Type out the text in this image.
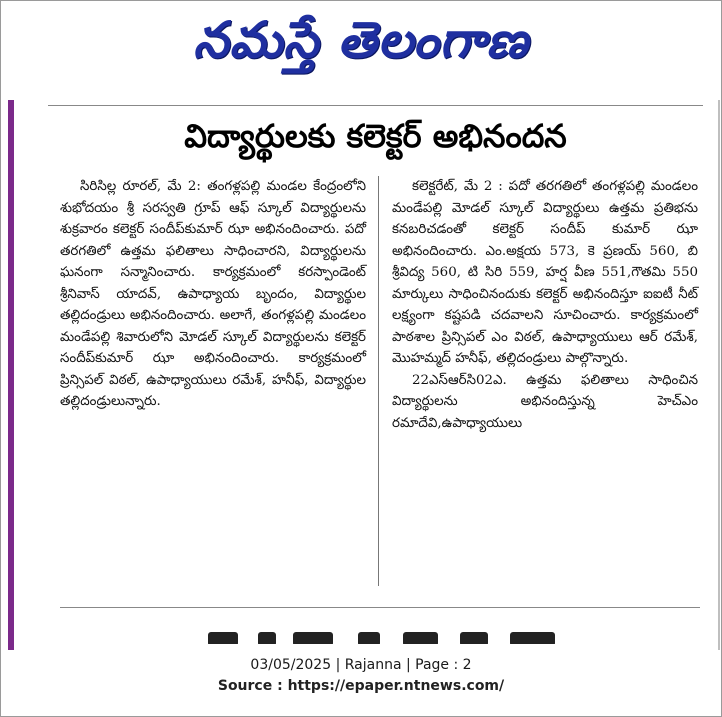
నమస్తే తెలంగాణ
విద్యార్థులకు కలెక్టర్‌ అభినందన

సిరిసిల్ల రూరల్‌, మే 2: తంగళ్లపల్లి మండల కేంద్రంలోని శుభోదయం శ్రీ సరస్వతి గ్రూప్‌ ఆఫ్‌ స్కూల్‌ విద్యార్థులను శుక్రవారం కలెక్టర్‌ సందీప్‌కుమార్‌ ఝా అభినందించారు. పదో తరగతిలో ఉత్తమ ఫలితాలు సాధించారని, విద్యార్థులను ఘనంగా సన్మానించారు. కార్యక్రమంలో కరస్పాండెంట్‌ శ్రీనివాస్‌ యాదవ్‌, ఉపాధ్యాయ బృందం, విద్యార్థుల తల్లిదండ్రులు అభినందించారు. అలాగే, తంగళ్లపల్లి మండలం మండేపల్లి శివారులోని మోడల్‌ స్కూల్‌ విద్యార్థులను కలెక్టర్‌ సందీప్‌కుమార్‌ ఝా అభినందించారు. కార్యక్రమంలో ప్రిన్సిపల్‌ విఠల్‌, ఉపాధ్యాయులు రమేశ్‌, హనీఫ్‌, విద్యార్థుల తల్లిదండ్రులున్నారు.

కలెక్టరేట్‌, మే 2 : పదో తరగతిలో తంగళ్లపల్లి మండలం మండేపల్లి మోడల్‌ స్కూల్‌ విద్యార్థులు ఉత్తమ ప్రతిభను కనబరిచడంతో కలెక్టర్‌ సందీప్‌ కుమార్‌ ఝా అభినందించారు. ఎం.అక్షయ 573, కె ప్రణయ్‌ 560, బి శ్రీవిద్య 560, టి సిరి 559, హర్ష వీణ 551,గౌతమి 550 మార్కులు సాధించినందుకు కలెక్టర్‌ అభినందిస్తూ ఐఐటీ నీట్‌ లక్ష్యంగా కష్టపడి చదవాలని సూచించారు. కార్యక్రమంలో పాఠశాల ప్రిన్సిపల్‌ ఎం విఠల్‌, ఉపాధ్యాయులు ఆర్‌ రమేశ్‌, మొహమ్మద్‌ హనీఫ్‌, తల్లిదండ్రులు పాల్గొన్నారు.

22ఎస్‌ఆర్‌సి02ఎ. ఉత్తమ ఫలితాలు సాధించిన విద్యార్థులను అభినందిస్తున్న హెచ్‌ఎం రమాదేవి,ఉపాధ్యాయులు

03/05/2025 | Rajanna | Page : 2
Source : https://epaper.ntnews.com/
